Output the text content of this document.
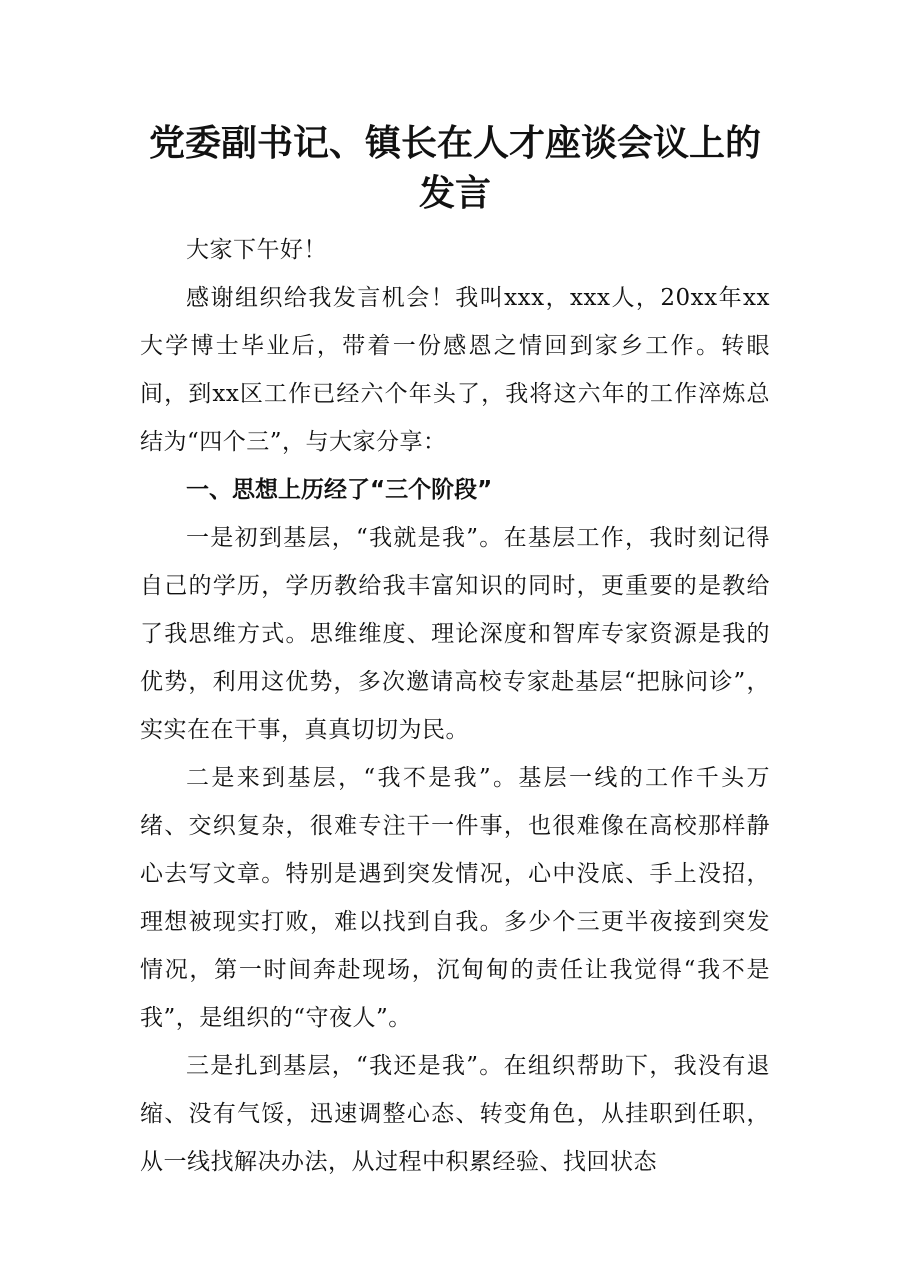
党委副书记、镇长在人才座谈会议上的发言

大家下午好！

感谢组织给我发言机会！我叫xxx，xxx人，20xx年xx大学博士毕业后，带着一份感恩之情回到家乡工作。转眼间，到xx区工作已经六个年头了，我将这六年的工作淬炼总结为“四个三”，与大家分享：

一、思想上历经了“三个阶段”

一是初到基层，“我就是我”。在基层工作，我时刻记得自己的学历，学历教给我丰富知识的同时，更重要的是教给了我思维方式。思维维度、理论深度和智库专家资源是我的优势，利用这优势，多次邀请高校专家赴基层“把脉问诊”，实实在在干事，真真切切为民。

二是来到基层，“我不是我”。基层一线的工作千头万绪、交织复杂，很难专注干一件事，也很难像在高校那样静心去写文章。特别是遇到突发情况，心中没底、手上没招，理想被现实打败，难以找到自我。多少个三更半夜接到突发情况，第一时间奔赴现场，沉甸甸的责任让我觉得“我不是我”，是组织的“守夜人”。

三是扎到基层，“我还是我”。在组织帮助下，我没有退缩、没有气馁，迅速调整心态、转变角色，从挂职到任职，从一线找解决办法，从过程中积累经验、找回状态
